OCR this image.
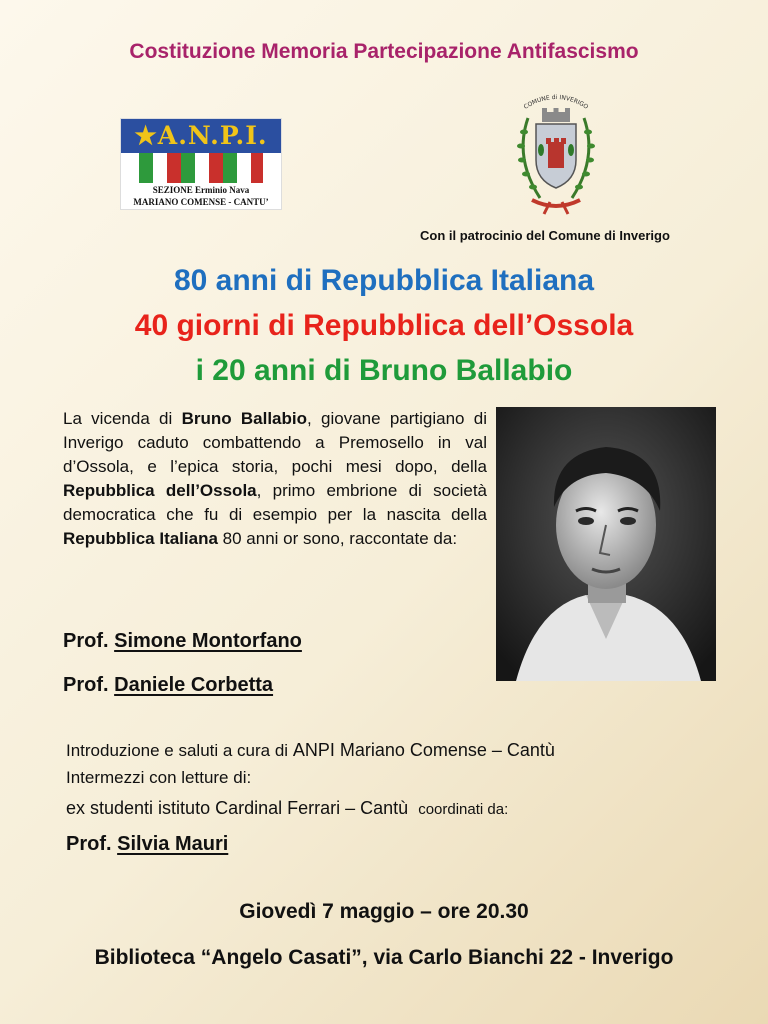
Costituzione Memoria Partecipazione Antifascismo
★A.N.P.I.
SEZIONE Erminio Nava
MARIANO COMENSE - CANTU’
COMUNE di INVERIGO
Con il patrocinio del Comune di Inverigo
80 anni di Repubblica Italiana
40 giorni di Repubblica dell’Ossola
i 20 anni di Bruno Ballabio
La vicenda di Bruno Ballabio, giovane partigiano di Inverigo caduto combattendo a Premosello in val d’Ossola, e l’epica storia, pochi mesi dopo, della Repubblica dell’Ossola, primo embrione di società democratica che fu di esempio per la nascita della Repubblica Italiana 80 anni or sono, raccontate da:
Prof. Simone Montorfano
Prof. Daniele Corbetta
Introduzione e saluti a cura di ANPI Mariano Comense – Cantù
Intermezzi con letture di:
ex studenti istituto Cardinal Ferrari – Cantù coordinati da:
Prof. Silvia Mauri
Giovedì 7 maggio – ore 20.30
Biblioteca “Angelo Casati”, via Carlo Bianchi 22 - Inverigo
